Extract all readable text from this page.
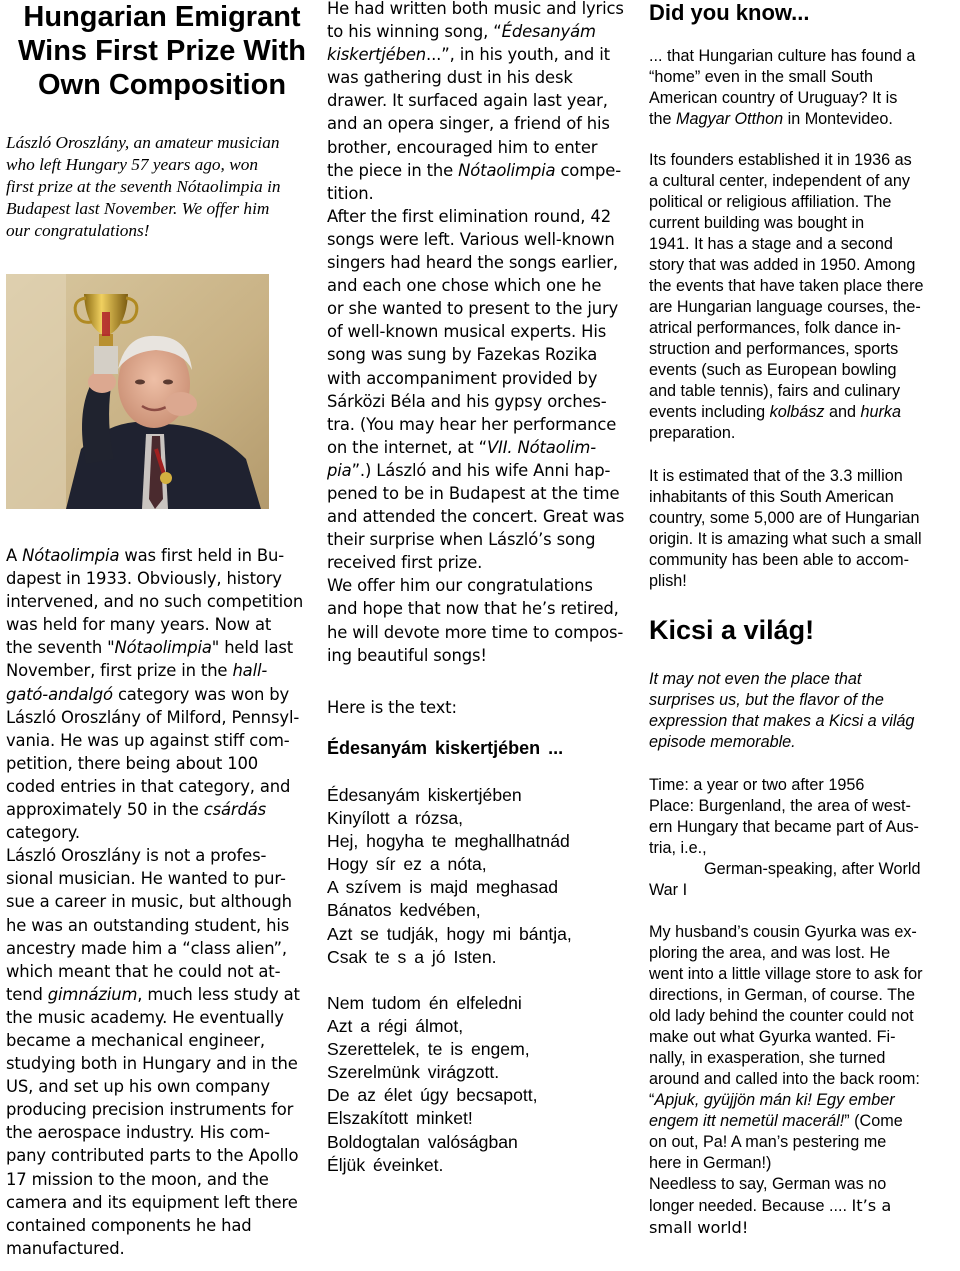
Hungarian Emigrant
Wins First Prize With
Own Composition

László Oroszlány, an amateur musician
who left Hungary 57 years ago, won
first prize at the seventh Nótaolimpia in
Budapest last November. We offer him
our congratulations!

A Nótaolimpia was first held in Bu-
dapest in 1933. Obviously, history
intervened, and no such competition
was held for many years. Now at
the seventh "Nótaolimpia" held last
November, first prize in the hall-
gató-andalgó category was won by
László Oroszlány of Milford, Pennsyl-
vania. He was up against stiff com-
petition, there being about 100
coded entries in that category, and
approximately 50 in the csárdás
category.
László Oroszlány is not a profes-
sional musician. He wanted to pur-
sue a career in music, but although
he was an outstanding student, his
ancestry made him a “class alien”,
which meant that he could not at-
tend gimnázium, much less study at
the music academy. He eventually
became a mechanical engineer,
studying both in Hungary and in the
US, and set up his own company
producing precision instruments for
the aerospace industry. His com-
pany contributed parts to the Apollo
17 mission to the moon, and the
camera and its equipment left there
contained components he had
manufactured.

He had written both music and lyrics
to his winning song, “Édesanyám
kiskertjében...”, in his youth, and it
was gathering dust in his desk
drawer. It surfaced again last year,
and an opera singer, a friend of his
brother, encouraged him to enter
the piece in the Nótaolimpia compe-
tition.
After the first elimination round, 42
songs were left. Various well-known
singers had heard the songs earlier,
and each one chose which one he
or she wanted to present to the jury
of well-known musical experts. His
song was sung by Fazekas Rozika
with accompaniment provided by
Sárközi Béla and his gypsy orches-
tra. (You may hear her performance
on the internet, at “VII. Nótaolim-
pia”.) László and his wife Anni hap-
pened to be in Budapest at the time
and attended the concert. Great was
their surprise when László’s song
received first prize.
We offer him our congratulations
and hope that now that he’s retired,
he will devote more time to compos-
ing beautiful songs!

Here is the text:

Édesanyám kiskertjében ...

Édesanyám kiskertjében
Kinyílott a rózsa,
Hej, hogyha te meghallhatnád
Hogy sír ez a nóta,
A szívem is majd meghasad
Bánatos kedvében,
Azt se tudják, hogy mi bántja,
Csak te s a jó Isten.

Nem tudom én elfeledni
Azt a régi álmot,
Szerettelek, te is engem,
Szerelmünk virágzott.
De az élet úgy becsapott,
Elszakított minket!
Boldogtalan valóságban
Éljük éveinket.

Did you know...

... that Hungarian culture has found a
“home” even in the small South
American country of Uruguay? It is
the Magyar Otthon in Montevideo.

Its founders established it in 1936 as
a cultural center, independent of any
political or religious affiliation. The
current building was bought in
1941. It has a stage and a second
story that was added in 1950. Among
the events that have taken place there
are Hungarian language courses, the-
atrical performances, folk dance in-
struction and performances, sports
events (such as European bowling
and table tennis), fairs and culinary
events including kolbász and hurka
preparation.

It is estimated that of the 3.3 million
inhabitants of this South American
country, some 5,000 are of Hungarian
origin. It is amazing what such a small
community has been able to accom-
plish!

Kicsi a világ!

It may not even the place that
surprises us, but the flavor of the
expression that makes a Kicsi a világ
episode memorable.

Time: a year or two after 1956
Place: Burgenland, the area of west-
ern Hungary that became part of Aus-
tria, i.e.,
German-speaking, after World
War I

My husband’s cousin Gyurka was ex-
ploring the area, and was lost. He
went into a little village store to ask for
directions, in German, of course. The
old lady behind the counter could not
make out what Gyurka wanted. Fi-
nally, in exasperation, she turned
around and called into the back room:
“Apjuk, gyüjjön mán ki! Egy ember
engem itt nemetül macerál!” (Come
on out, Pa! A man’s pestering me
here in German!)
Needless to say, German was no
longer needed. Because .... It’s a
small world!
